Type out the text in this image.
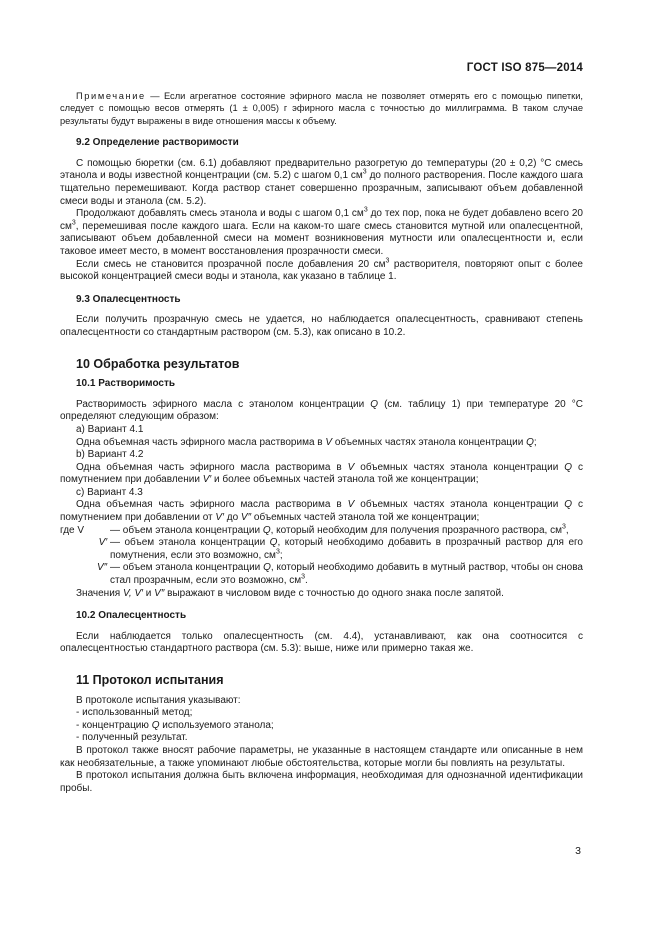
ГОСТ ISO 875—2014

Примечание — Если агрегатное состояние эфирного масла не позволяет отмерять его с помощью пипетки, следует с помощью весов отмерять (1 ± 0,005) г эфирного масла с точностью до миллиграмма. В таком случае результаты будут выражены в виде отношения массы к объему.

9.2 Определение растворимости

С помощью бюретки (см. 6.1) добавляют предварительно разогретую до температуры (20 ± 0,2) °С смесь этанола и воды известной концентрации (см. 5.2) с шагом 0,1 $см^3$ до полного растворения. После каждого шага тщательно перемешивают. Когда раствор станет совершенно прозрачным, записывают объем добавленной смеси воды и этанола (см. 5.2).

Продолжают добавлять смесь этанола и воды с шагом 0,1 $см^3$ до тех пор, пока не будет добавлено всего 20 $см^3$, перемешивая после каждого шага. Если на каком-то шаге смесь становится мутной или опалесцентной, записывают объем добавленной смеси на момент возникновения мутности или опалесцентности и, если таковое имеет место, в момент восстановления прозрачности смеси.

Если смесь не становится прозрачной после добавления 20 $см^3$ растворителя, повторяют опыт с более высокой концентрацией смеси воды и этанола, как указано в таблице 1.

9.3 Опалесцентность

Если получить прозрачную смесь не удается, но наблюдается опалесцентность, сравнивают степень опалесцентности со стандартным раствором (см. 5.3), как описано в 10.2.

10 Обработка результатов
10.1 Растворимость

Растворимость эфирного масла с этанолом концентрации Q (см. таблицу 1) при температуре 20 °С определяют следующим образом:

a) Вариант 4.1

Одна объемная часть эфирного масла растворима в V объемных частях этанола концентрации Q;

b) Вариант 4.2

Одна объемная часть эфирного масла растворима в V объемных частях этанола концентрации Q с помутнением при добавлении V′ и более объемных частей этанола той же концентрации;

c) Вариант 4.3

Одна объемная часть эфирного масла растворима в V объемных частях этанола концентрации Q с помутнением при добавлении от V′ до V″ объемных частей этанола той же концентрации;

где V	— объем этанола концентрации Q, который необходим для получения прозрачного раствора, $см^3$,
V′ — объем этанола концентрации Q, который необходимо добавить в прозрачный раствор для его помутнения, если это возможно, $см^3$;
V″ — объем этанола концентрации Q, который необходимо добавить в мутный раствор, чтобы он снова стал прозрачным, если это возможно, $см^3$.

Значения V, V′ и V″ выражают в числовом виде с точностью до одного знака после запятой.

10.2 Опалесцентность

Если наблюдается только опалесцентность (см. 4.4), устанавливают, как она соотносится с опалесцентностью стандартного раствора (см. 5.3): выше, ниже или примерно такая же.

11 Протокол испытания

В протоколе испытания указывают:

- использованный метод;

- концентрацию Q используемого этанола;

- полученный результат.

В протокол также вносят рабочие параметры, не указанные в настоящем стандарте или описанные в нем как необязательные, а также упоминают любые обстоятельства, которые могли бы повлиять на результаты.

В протокол испытания должна быть включена информация, необходимая для однозначной идентификации пробы.

3
